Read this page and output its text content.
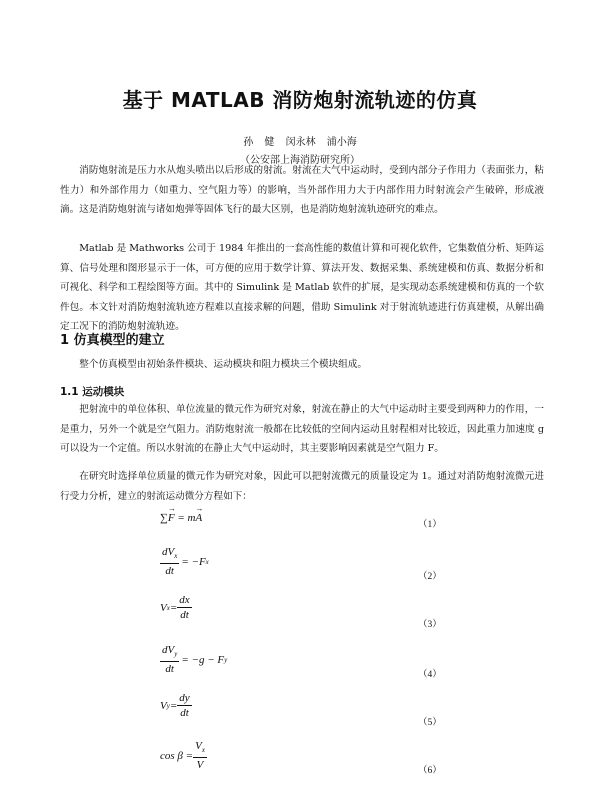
基于 MATLAB 消防炮射流轨迹的仿真
孙 健 闵永林 浦小海
（公安部上海消防研究所）

消防炮射流是压力水从炮头喷出以后形成的射流。射流在大气中运动时，受到内部分子作用力（表面张力，粘性力）和外部作用力（如重力、空气阻力等）的影响，当外部作用力大于内部作用力时射流会产生破碎，形成液滴。这是消防炮射流与诸如炮弹等固体飞行的最大区别，也是消防炮射流轨迹研究的难点。

Matlab 是 Mathworks 公司于 1984 年推出的一套高性能的数值计算和可视化软件，它集数值分析、矩阵运算、信号处理和图形显示于一体，可方便的应用于数学计算、算法开发、数据采集、系统建模和仿真、数据分析和可视化、科学和工程绘图等方面。其中的 Simulink 是 Matlab 软件的扩展，是实现动态系统建模和仿真的一个软件包。本文针对消防炮射流轨迹方程难以直接求解的问题，借助 Simulink 对于射流轨迹进行仿真建模，从解出确定工况下的消防炮射流轨迹。

1 仿真模型的建立

整个仿真模型由初始条件模块、运动模块和阻力模块三个模块组成。

1.1 运动模块

把射流中的单位体积、单位流量的微元作为研究对象，射流在静止的大气中运动时主要受到两种力的作用，一是重力，另外一个就是空气阻力。消防炮射流一般都在比较低的空间内运动且射程相对比较近，因此重力加速度 g 可以设为一个定值。所以水射流的在静止大气中运动时，其主要影响因素就是空气阻力 F。

在研究时选择单位质量的微元作为研究对象，因此可以把射流微元的质量设定为 1。通过对消防炮射流微元进行受力分析，建立的射流运动微分方程如下：

∑ → F = m → A
（1）
$\frac{dV_x}{dt} = -F$ x
（2）
V $x = \frac{dx}{dt}$
（3）
$\frac{dV_y}{dt} = -g - F$ y
（4）
V $y = \frac{dy}{dt}$
（5）
$\cos \beta = \frac{V_x}{V}$	（6）
